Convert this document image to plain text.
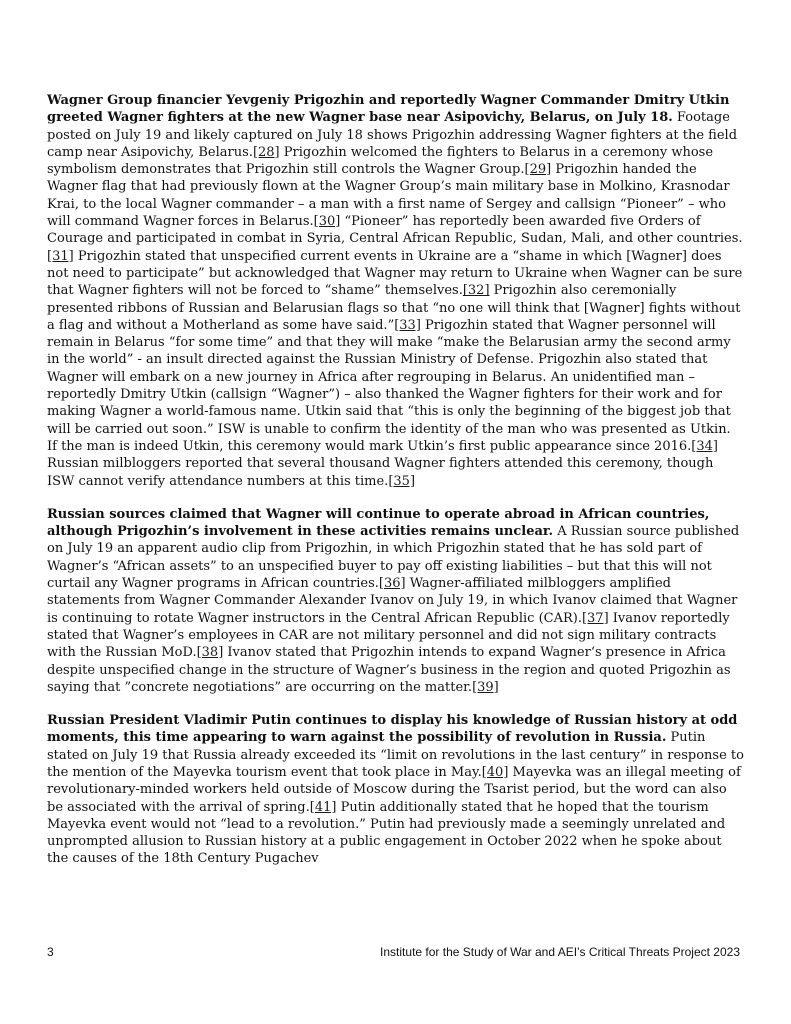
Wagner Group financier Yevgeniy Prigozhin and reportedly Wagner Commander Dmitry Utkin greeted Wagner fighters at the new Wagner base near Asipovichy, Belarus, on July 18. Footage posted on July 19 and likely captured on July 18 shows Prigozhin addressing Wagner fighters at the field camp near Asipovichy, Belarus.[28] Prigozhin welcomed the fighters to Belarus in a ceremony whose symbolism demonstrates that Prigozhin still controls the Wagner Group.[29] Prigozhin handed the Wagner flag that had previously flown at the Wagner Group’s main military base in Molkino, Krasnodar Krai, to the local Wagner commander – a man with a first name of Sergey and callsign “Pioneer” – who will command Wagner forces in Belarus.[30] “Pioneer” has reportedly been awarded five Orders of Courage and participated in combat in Syria, Central African Republic, Sudan, Mali, and other countries.[31] Prigozhin stated that unspecified current events in Ukraine are a “shame in which [Wagner] does not need to participate” but acknowledged that Wagner may return to Ukraine when Wagner can be sure that Wagner fighters will not be forced to “shame” themselves.[32] Prigozhin also ceremonially presented ribbons of Russian and Belarusian flags so that “no one will think that [Wagner] fights without a flag and without a Motherland as some have said.”[33] Prigozhin stated that Wagner personnel will remain in Belarus “for some time” and that they will make “make the Belarusian army the second army in the world” - an insult directed against the Russian Ministry of Defense. Prigozhin also stated that Wagner will embark on a new journey in Africa after regrouping in Belarus. An unidentified man – reportedly Dmitry Utkin (callsign “Wagner”) – also thanked the Wagner fighters for their work and for making Wagner a world-famous name. Utkin said that “this is only the beginning of the biggest job that will be carried out soon.” ISW is unable to confirm the identity of the man who was presented as Utkin. If the man is indeed Utkin, this ceremony would mark Utkin’s first public appearance since 2016.[34] Russian milbloggers reported that several thousand Wagner fighters attended this ceremony, though ISW cannot verify attendance numbers at this time.[35]

Russian sources claimed that Wagner will continue to operate abroad in African countries, although Prigozhin’s involvement in these activities remains unclear. A Russian source published on July 19 an apparent audio clip from Prigozhin, in which Prigozhin stated that he has sold part of Wagner’s “African assets” to an unspecified buyer to pay off existing liabilities – but that this will not curtail any Wagner programs in African countries.[36] Wagner-affiliated milbloggers amplified statements from Wagner Commander Alexander Ivanov on July 19, in which Ivanov claimed that Wagner is continuing to rotate Wagner instructors in the Central African Republic (CAR).[37] Ivanov reportedly stated that Wagner’s employees in CAR are not military personnel and did not sign military contracts with the Russian MoD.[38] Ivanov stated that Prigozhin intends to expand Wagner‘s presence in Africa despite unspecified change in the structure of Wagner’s business in the region and quoted Prigozhin as saying that ”concrete negotiations” are occurring on the matter.[39]

Russian President Vladimir Putin continues to display his knowledge of Russian history at odd moments, this time appearing to warn against the possibility of revolution in Russia. Putin stated on July 19 that Russia already exceeded its “limit on revolutions in the last century” in response to the mention of the Mayevka tourism event that took place in May.[40] Mayevka was an illegal meeting of revolutionary-minded workers held outside of Moscow during the Tsarist period, but the word can also be associated with the arrival of spring.[41] Putin additionally stated that he hoped that the tourism Mayevka event would not “lead to a revolution.” Putin had previously made a seemingly unrelated and unprompted allusion to Russian history at a public engagement in October 2022 when he spoke about the causes of the 18th Century Pugachev

3	Institute for the Study of War and AEI’s Critical Threats Project 2023
